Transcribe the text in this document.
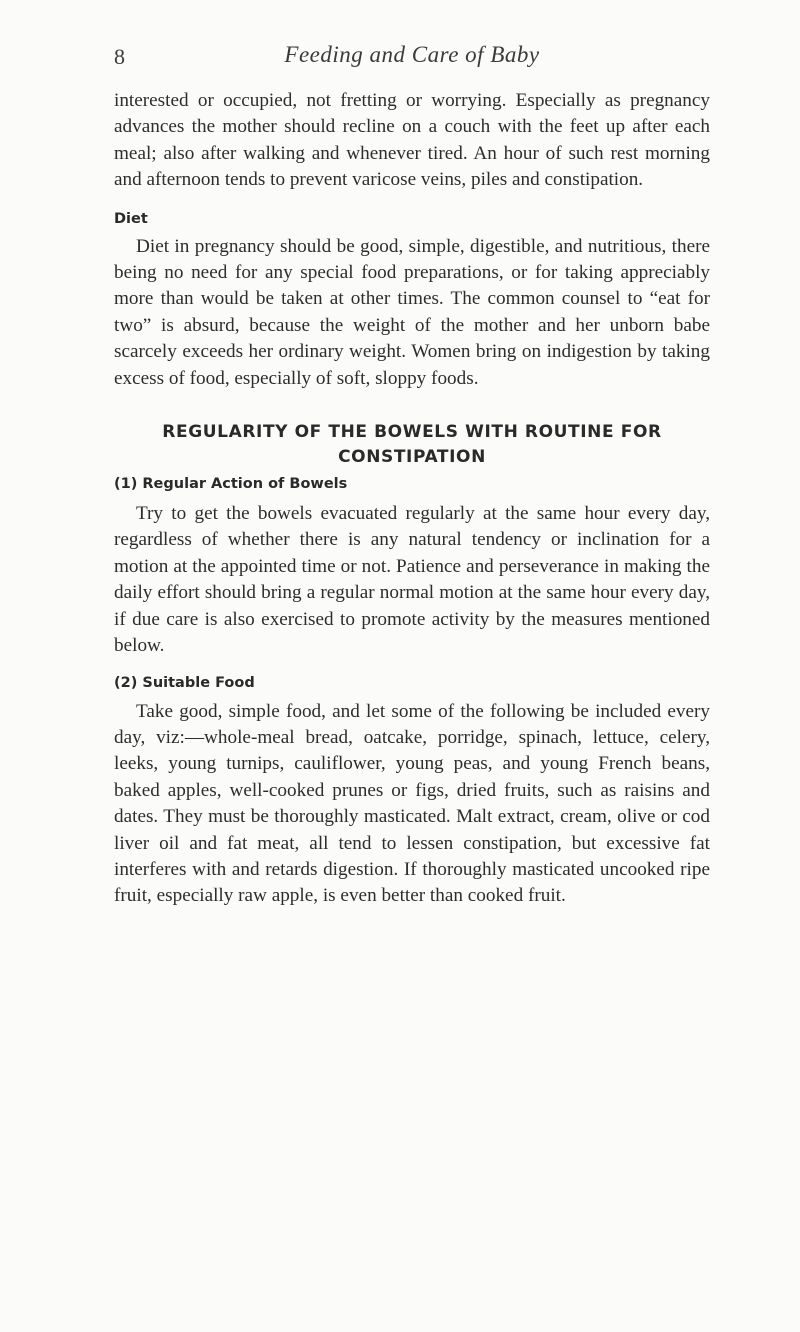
8	Feeding and Care of Baby

interested or occupied, not fretting or worrying. Especially as pregnancy advances the mother should recline on a couch with the feet up after each meal; also after walking and whenever tired. An hour of such rest morning and afternoon tends to prevent varicose veins, piles and constipation.

Diet

Diet in pregnancy should be good, simple, digestible, and nutritious, there being no need for any special food preparations, or for taking appreciably more than would be taken at other times. The common counsel to “eat for two” is absurd, because the weight of the mother and her unborn babe scarcely exceeds her ordinary weight. Women bring on indigestion by taking excess of food, especially of soft, sloppy foods.

REGULARITY OF THE BOWELS WITH ROUTINE FOR CONSTIPATION
(1) Regular Action of Bowels

Try to get the bowels evacuated regularly at the same hour every day, regardless of whether there is any natural tendency or inclination for a motion at the appointed time or not. Patience and perseverance in making the daily effort should bring a regular normal motion at the same hour every day, if due care is also exercised to promote activity by the measures mentioned below.

(2) Suitable Food

Take good, simple food, and let some of the following be included every day, viz:—whole-meal bread, oatcake, porridge, spinach, lettuce, celery, leeks, young turnips, cauliflower, young peas, and young French beans, baked apples, well-cooked prunes or figs, dried fruits, such as raisins and dates. They must be thoroughly masticated. Malt extract, cream, olive or cod liver oil and fat meat, all tend to lessen constipation, but excessive fat interferes with and retards digestion. If thoroughly masticated uncooked ripe fruit, especially raw apple, is even better than cooked fruit.
